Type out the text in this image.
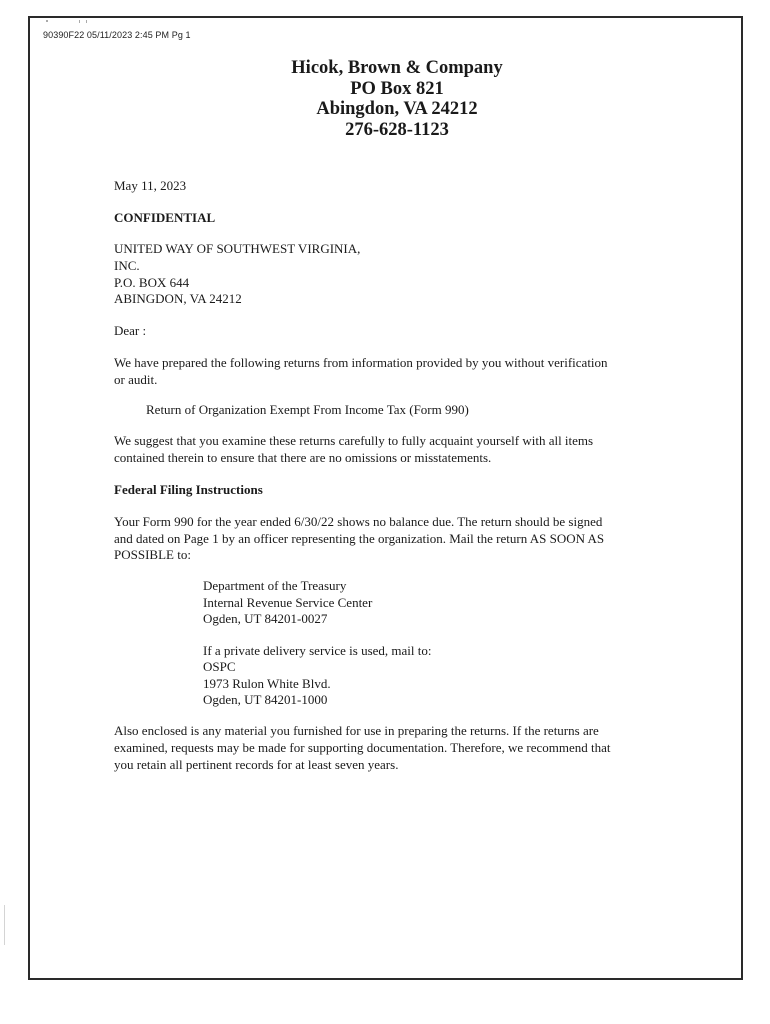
90390F22 05/11/2023 2:45 PM Pg 1
Hicok, Brown & Company
PO Box 821
Abingdon, VA 24212
276-628-1123
May 11, 2023
CONFIDENTIAL
UNITED WAY OF SOUTHWEST VIRGINIA,
INC.
P.O. BOX 644
ABINGDON, VA 24212
Dear :
We have prepared the following returns from information provided by you without verification
or audit.
Return of Organization Exempt From Income Tax (Form 990)
We suggest that you examine these returns carefully to fully acquaint yourself with all items
contained therein to ensure that there are no omissions or misstatements.
Federal Filing Instructions
Your Form 990 for the year ended 6/30/22 shows no balance due. The return should be signed
and dated on Page 1 by an officer representing the organization. Mail the return AS SOON AS
POSSIBLE to:
Department of the Treasury
Internal Revenue Service Center
Ogden, UT 84201-0027
If a private delivery service is used, mail to:
OSPC
1973 Rulon White Blvd.
Ogden, UT 84201-1000
Also enclosed is any material you furnished for use in preparing the returns. If the returns are
examined, requests may be made for supporting documentation. Therefore, we recommend that
you retain all pertinent records for at least seven years.
